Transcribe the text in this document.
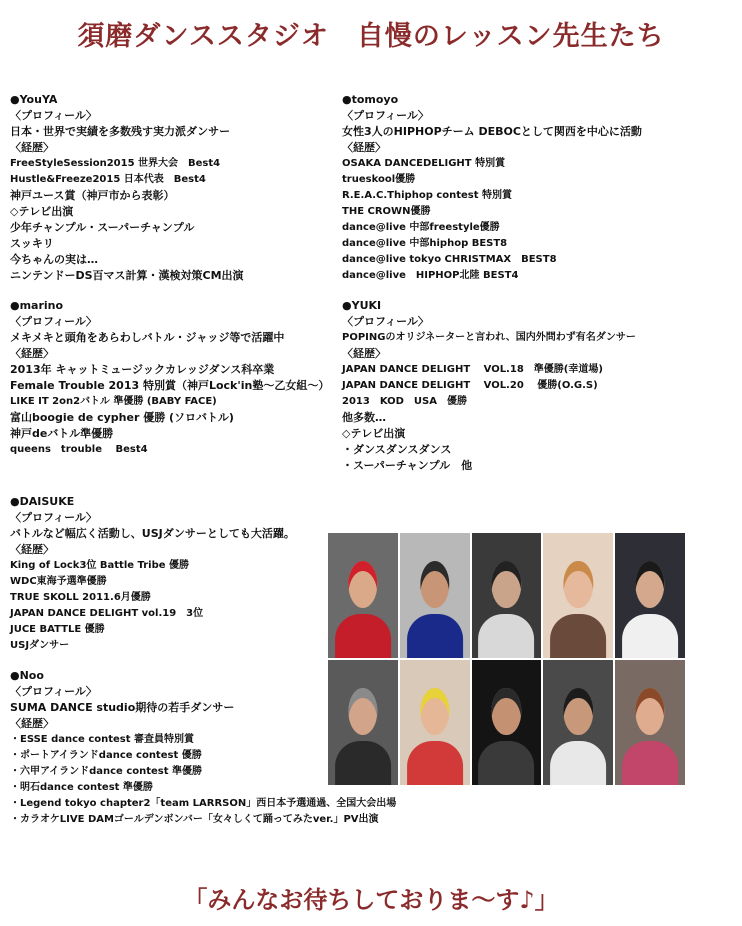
須磨ダンススタジオ　自慢のレッスン先生たち
●YouYA
〈プロフィール〉
日本・世界で実績を多数残す実力派ダンサー
〈経歴〉
FreeStyleSession2015 世界大会　Best4
Hustle&Freeze2015 日本代表　Best4
神戸ユース賞（神戸市から表彰）
◇テレビ出演
少年チャンプル・スーパーチャンプル
スッキリ
今ちゃんの実は…
ニンテンドーDS百マス計算・漢検対策CM出演
●tomoyo
〈プロフィール〉
女性3人のHIPHOPチーム DEBOCとして関西を中心に活動
〈経歴〉
OSAKA DANCEDELIGHT 特別賞
trueskool優勝
R.E.A.C.Thiphop contest 特別賞
THE CROWN優勝
dance@live 中部freestyle優勝
dance@live 中部hiphop BEST8
dance@live tokyo CHRISTMAX　BEST8
dance@live　HIPHOP北陸 BEST4
●marino
〈プロフィール〉
メキメキと頭角をあらわしバトル・ジャッジ等で活躍中
〈経歴〉
2013年 キャットミュージックカレッジダンス科卒業
Female Trouble 2013 特別賞（神戸Lock'in塾～乙女組～）
LIKE IT 2on2バトル 準優勝 (BABY FACE)
富山boogie de cypher 優勝 (ソロバトル)
神戸deバトル準優勝
queens　trouble　 Best4
●YUKI
〈プロフィール〉
POPINGのオリジネーターと言われ、国内外問わず有名ダンサー
〈経歴〉
JAPAN DANCE DELIGHT　 VOL.18　準優勝(幸道場)
JAPAN DANCE DELIGHT　 VOL.20　 優勝(O.G.S)
2013　KOD　USA　優勝
他多数…
◇テレビ出演
・ダンスダンスダンス
・スーパーチャンプル　他
●DAISUKE
〈プロフィール〉
バトルなど幅広く活動し、USJダンサーとしても大活躍。
〈経歴〉
King of Lock3位 Battle Tribe 優勝
WDC東海予選準優勝
TRUE SKOLL 2011.6月優勝
JAPAN DANCE DELIGHT vol.19　3位
JUCE BATTLE 優勝
USJダンサー
●Noo
〈プロフィール〉
SUMA DANCE studio期待の若手ダンサー
〈経歴〉
・ESSE dance contest 審査員特別賞
・ポートアイランドdance contest 優勝
・六甲アイランドdance contest 準優勝
・明石dance contest 準優勝
・Legend tokyo chapter2「team LARRSON」西日本予選通過、全国大会出場
・カラオケLIVE DAMゴールデンボンバー「女々しくて踊ってみたver.」PV出演
「みんなお待ちしておりま～す♪」
